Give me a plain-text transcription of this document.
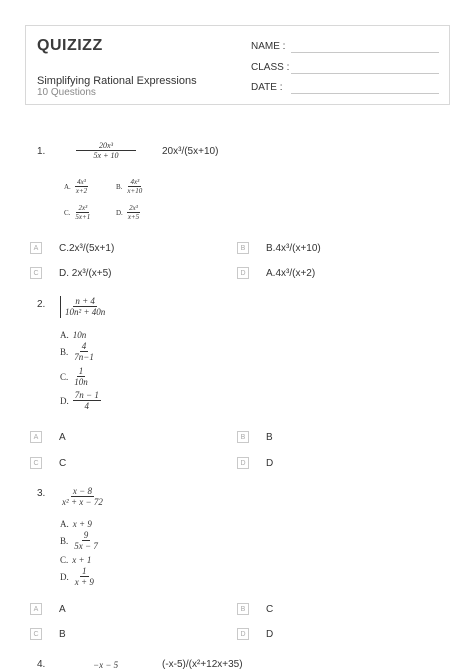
QUIZIZZ
Simplifying Rational Expressions
10 Questions
NAME :
CLASS :
DATE :
1.	$\frac{\text{20x³}}{5x + 10}$	20x³/(5x+10)
A. $\frac{\text{4x³}}{x+2}$	B. $\frac{\text{4x³}}{x+10}$
C. $\frac{\text{2x³}}{5x+1}$	D. $\frac{\text{2x³}}{x+5}$
A	C.2x³/(5x+1)	B	B.4x³/(x+10)
C	D. 2x³/(x+5)	D	A.4x³/(x+2)
2. $\frac{n + 4}{\text{10n² + 40n}}$
A. 10n
B. $\frac{4}{7n-1}$
C. $\frac{1}{10n}$
D. $\frac{7n - 1}{4}$
A	A	B	B
C	C	D	D
3. $\frac{x - 8}{\text{x² + x − 72}}$
A. x + 9
B. $\frac{9}{5x - 7}$
C. x + 1
D. $\frac{1}{x + 9}$
A	A	B	C
C	B	D	D
4.	−x − 5	(-x-5)/(x²+12x+35)
